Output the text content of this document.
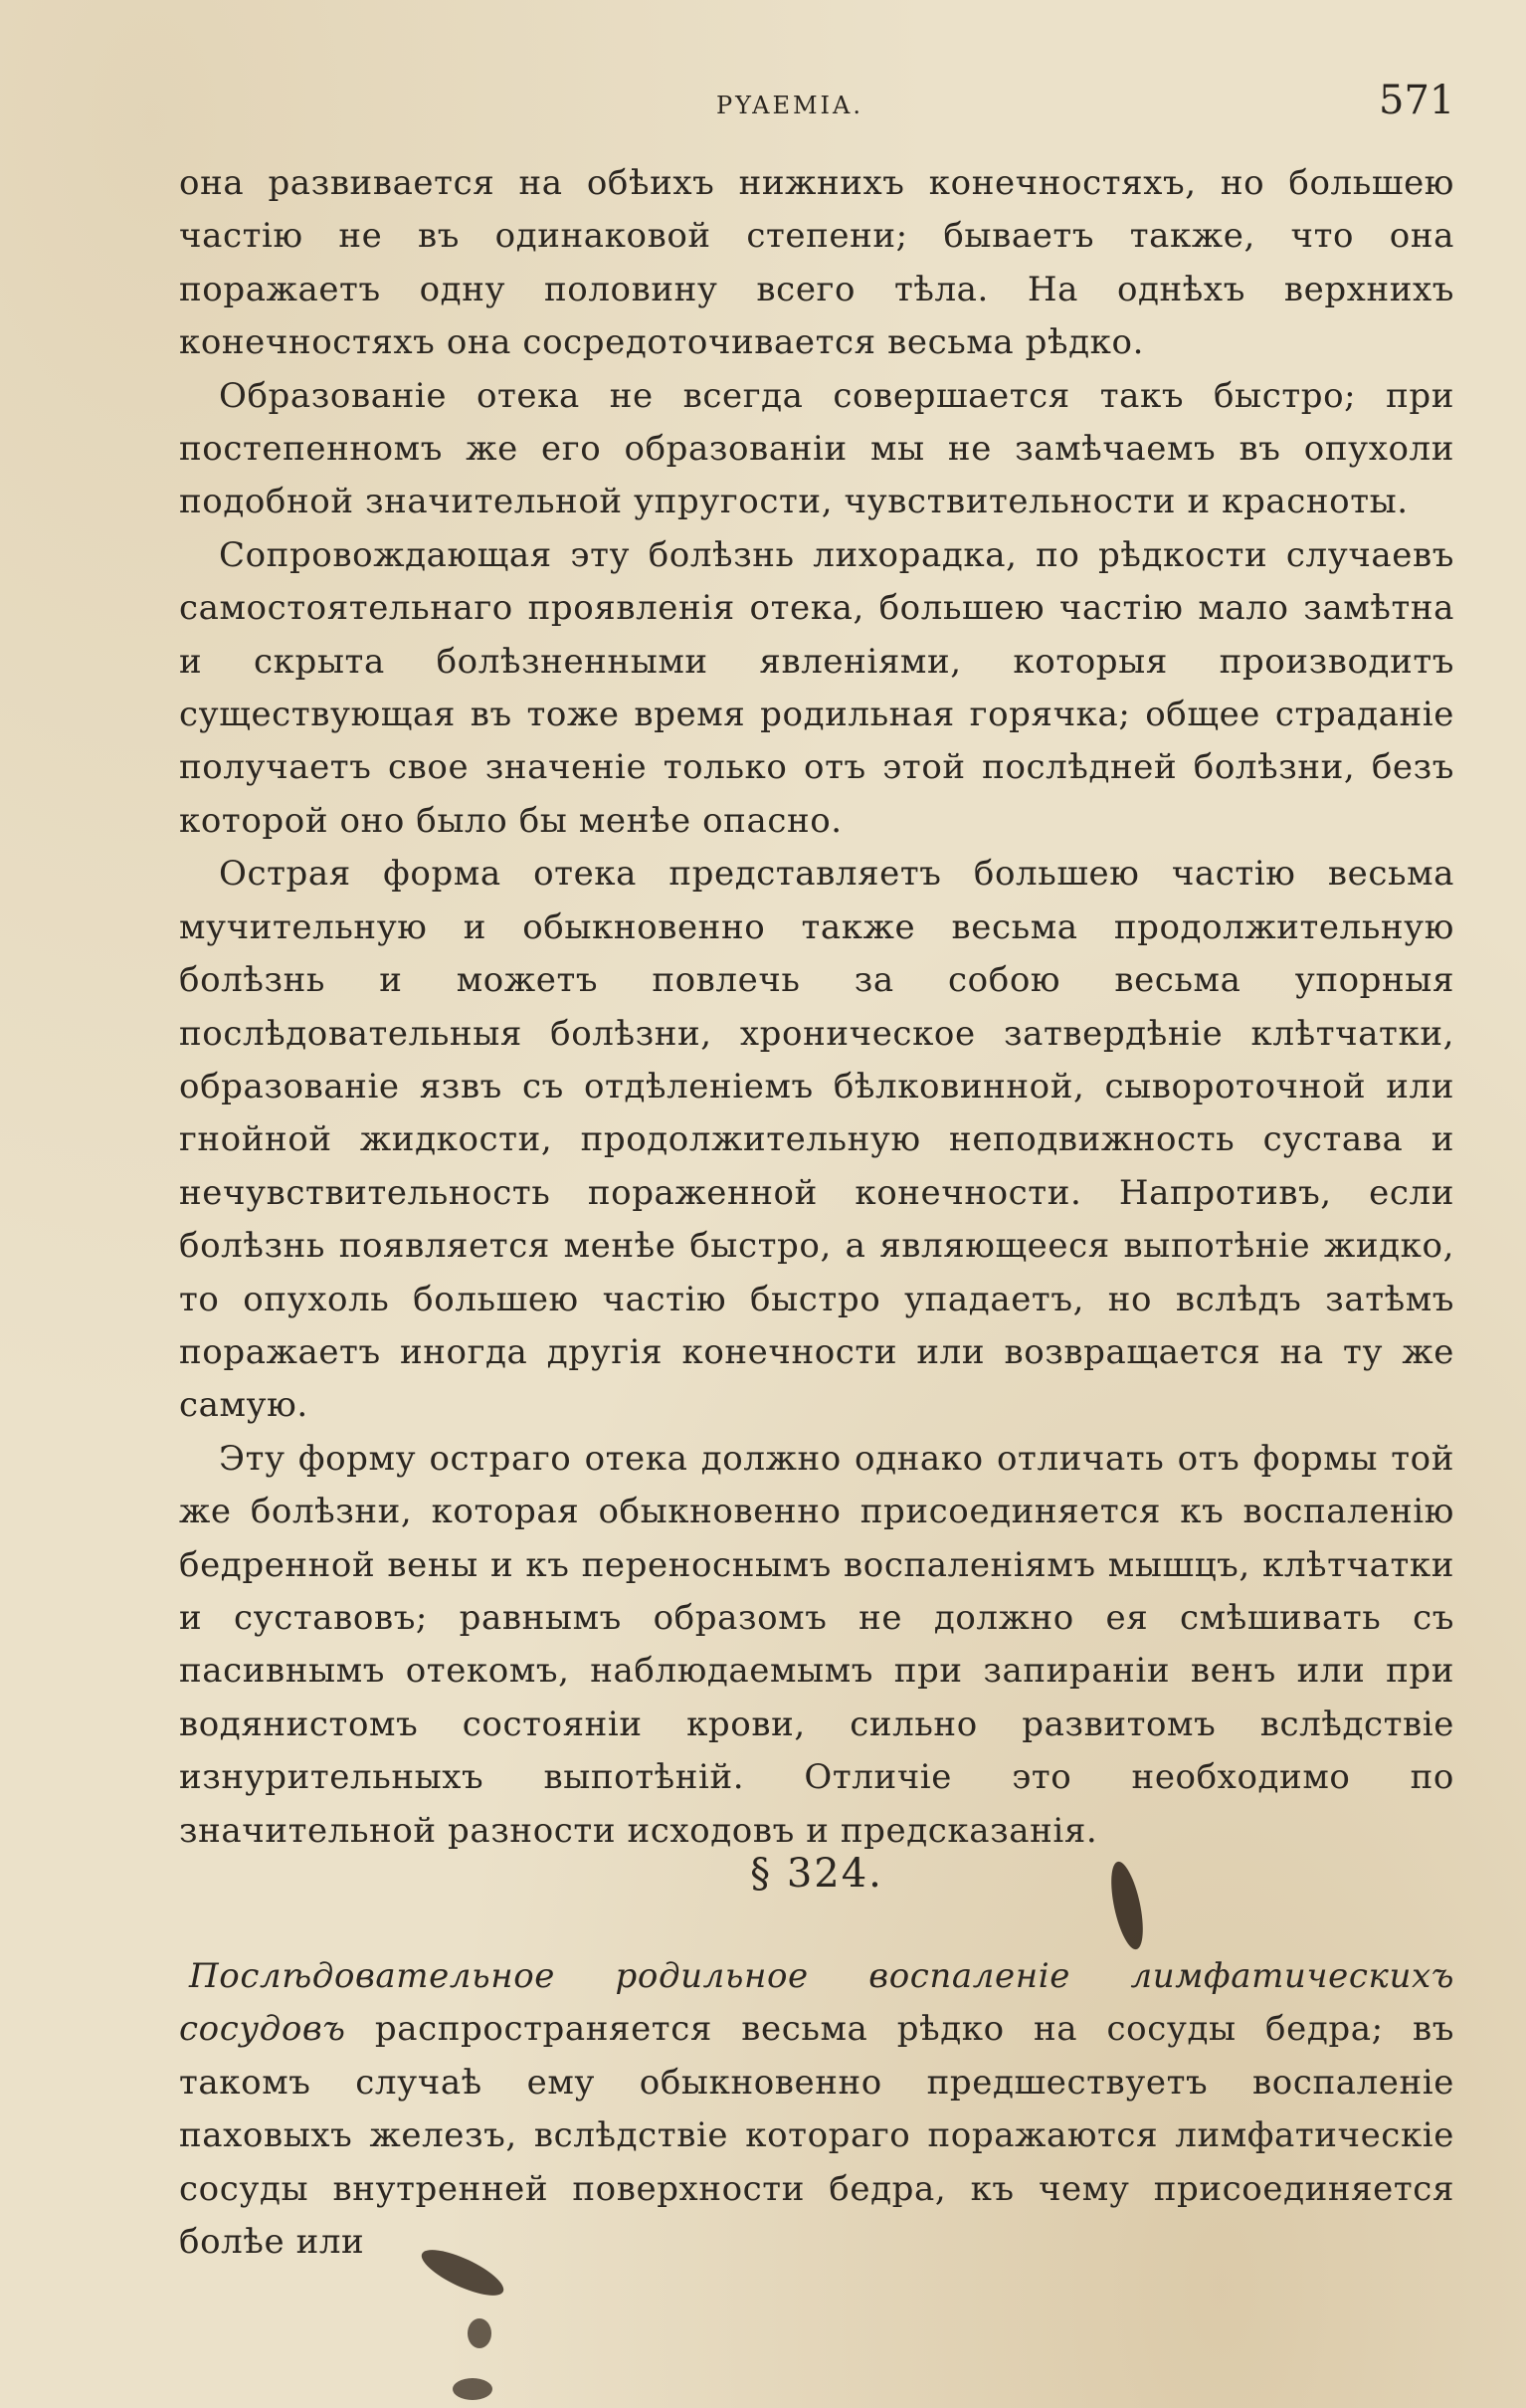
PYAEMIA.	571

она развивается на обѣихъ нижнихъ конечностяхъ, но большею частію не въ одинаковой степени; бываетъ также, что она поражаетъ одну половину всего тѣла. На однѣхъ верхнихъ конечностяхъ она сосредоточивается весьма рѣдко.

Образованіе отека не всегда совершается такъ быстро; при постепенномъ же его образованіи мы не замѣчаемъ въ опухоли подобной значительной упругости, чувствительности и красноты.

Сопровождающая эту болѣзнь лихорадка, по рѣдкости случаевъ самостоятельнаго проявленія отека, большею частію мало замѣтна и скрыта болѣзненными явленіями, которыя производитъ существующая въ тоже время родильная горячка; общее страданіе получаетъ свое значеніе только отъ этой послѣдней болѣзни, безъ которой оно было бы менѣе опасно.

Острая форма отека представляетъ большею частію весьма мучительную и обыкновенно также весьма продолжительную болѣзнь и можетъ повлечь за собою весьма упорныя послѣдовательныя болѣзни, хроническое затвердѣніе клѣтчатки, образованіе язвъ съ отдѣленіемъ бѣлковинной, сывороточной или гнойной жидкости, продолжительную неподвижность сустава и нечувствительность пораженной конечности. Напротивъ, если болѣзнь появляется менѣе быстро, а являющееся выпотѣніе жидко, то опухоль большею частію быстро упадаетъ, но вслѣдъ затѣмъ поражаетъ иногда другія конечности или возвращается на ту же самую.

Эту форму остраго отека должно однако отличать отъ формы той же болѣзни, которая обыкновенно присоединяется къ воспаленію бедренной вены и къ переноснымъ воспаленіямъ мышцъ, клѣтчатки и суставовъ; равнымъ образомъ не должно ея смѣшивать съ пасивнымъ отекомъ, наблюдаемымъ при запираніи венъ или при водянистомъ состояніи крови, сильно развитомъ вслѣдствіе изнурительныхъ выпотѣній. Отличіе это необходимо по значительной разности исходовъ и предсказанія.

§ 324.

Послѣдовательное родильное воспаленіе лимфатическихъ сосудовъ распространяется весьма рѣдко на сосуды бедра; въ такомъ случаѣ ему обыкновенно предшествуетъ воспаленіе паховыхъ железъ, вслѣдствіе котораго поражаются лимфатическіе сосуды внутренней поверхности бедра, къ чему присоединяется болѣе или
